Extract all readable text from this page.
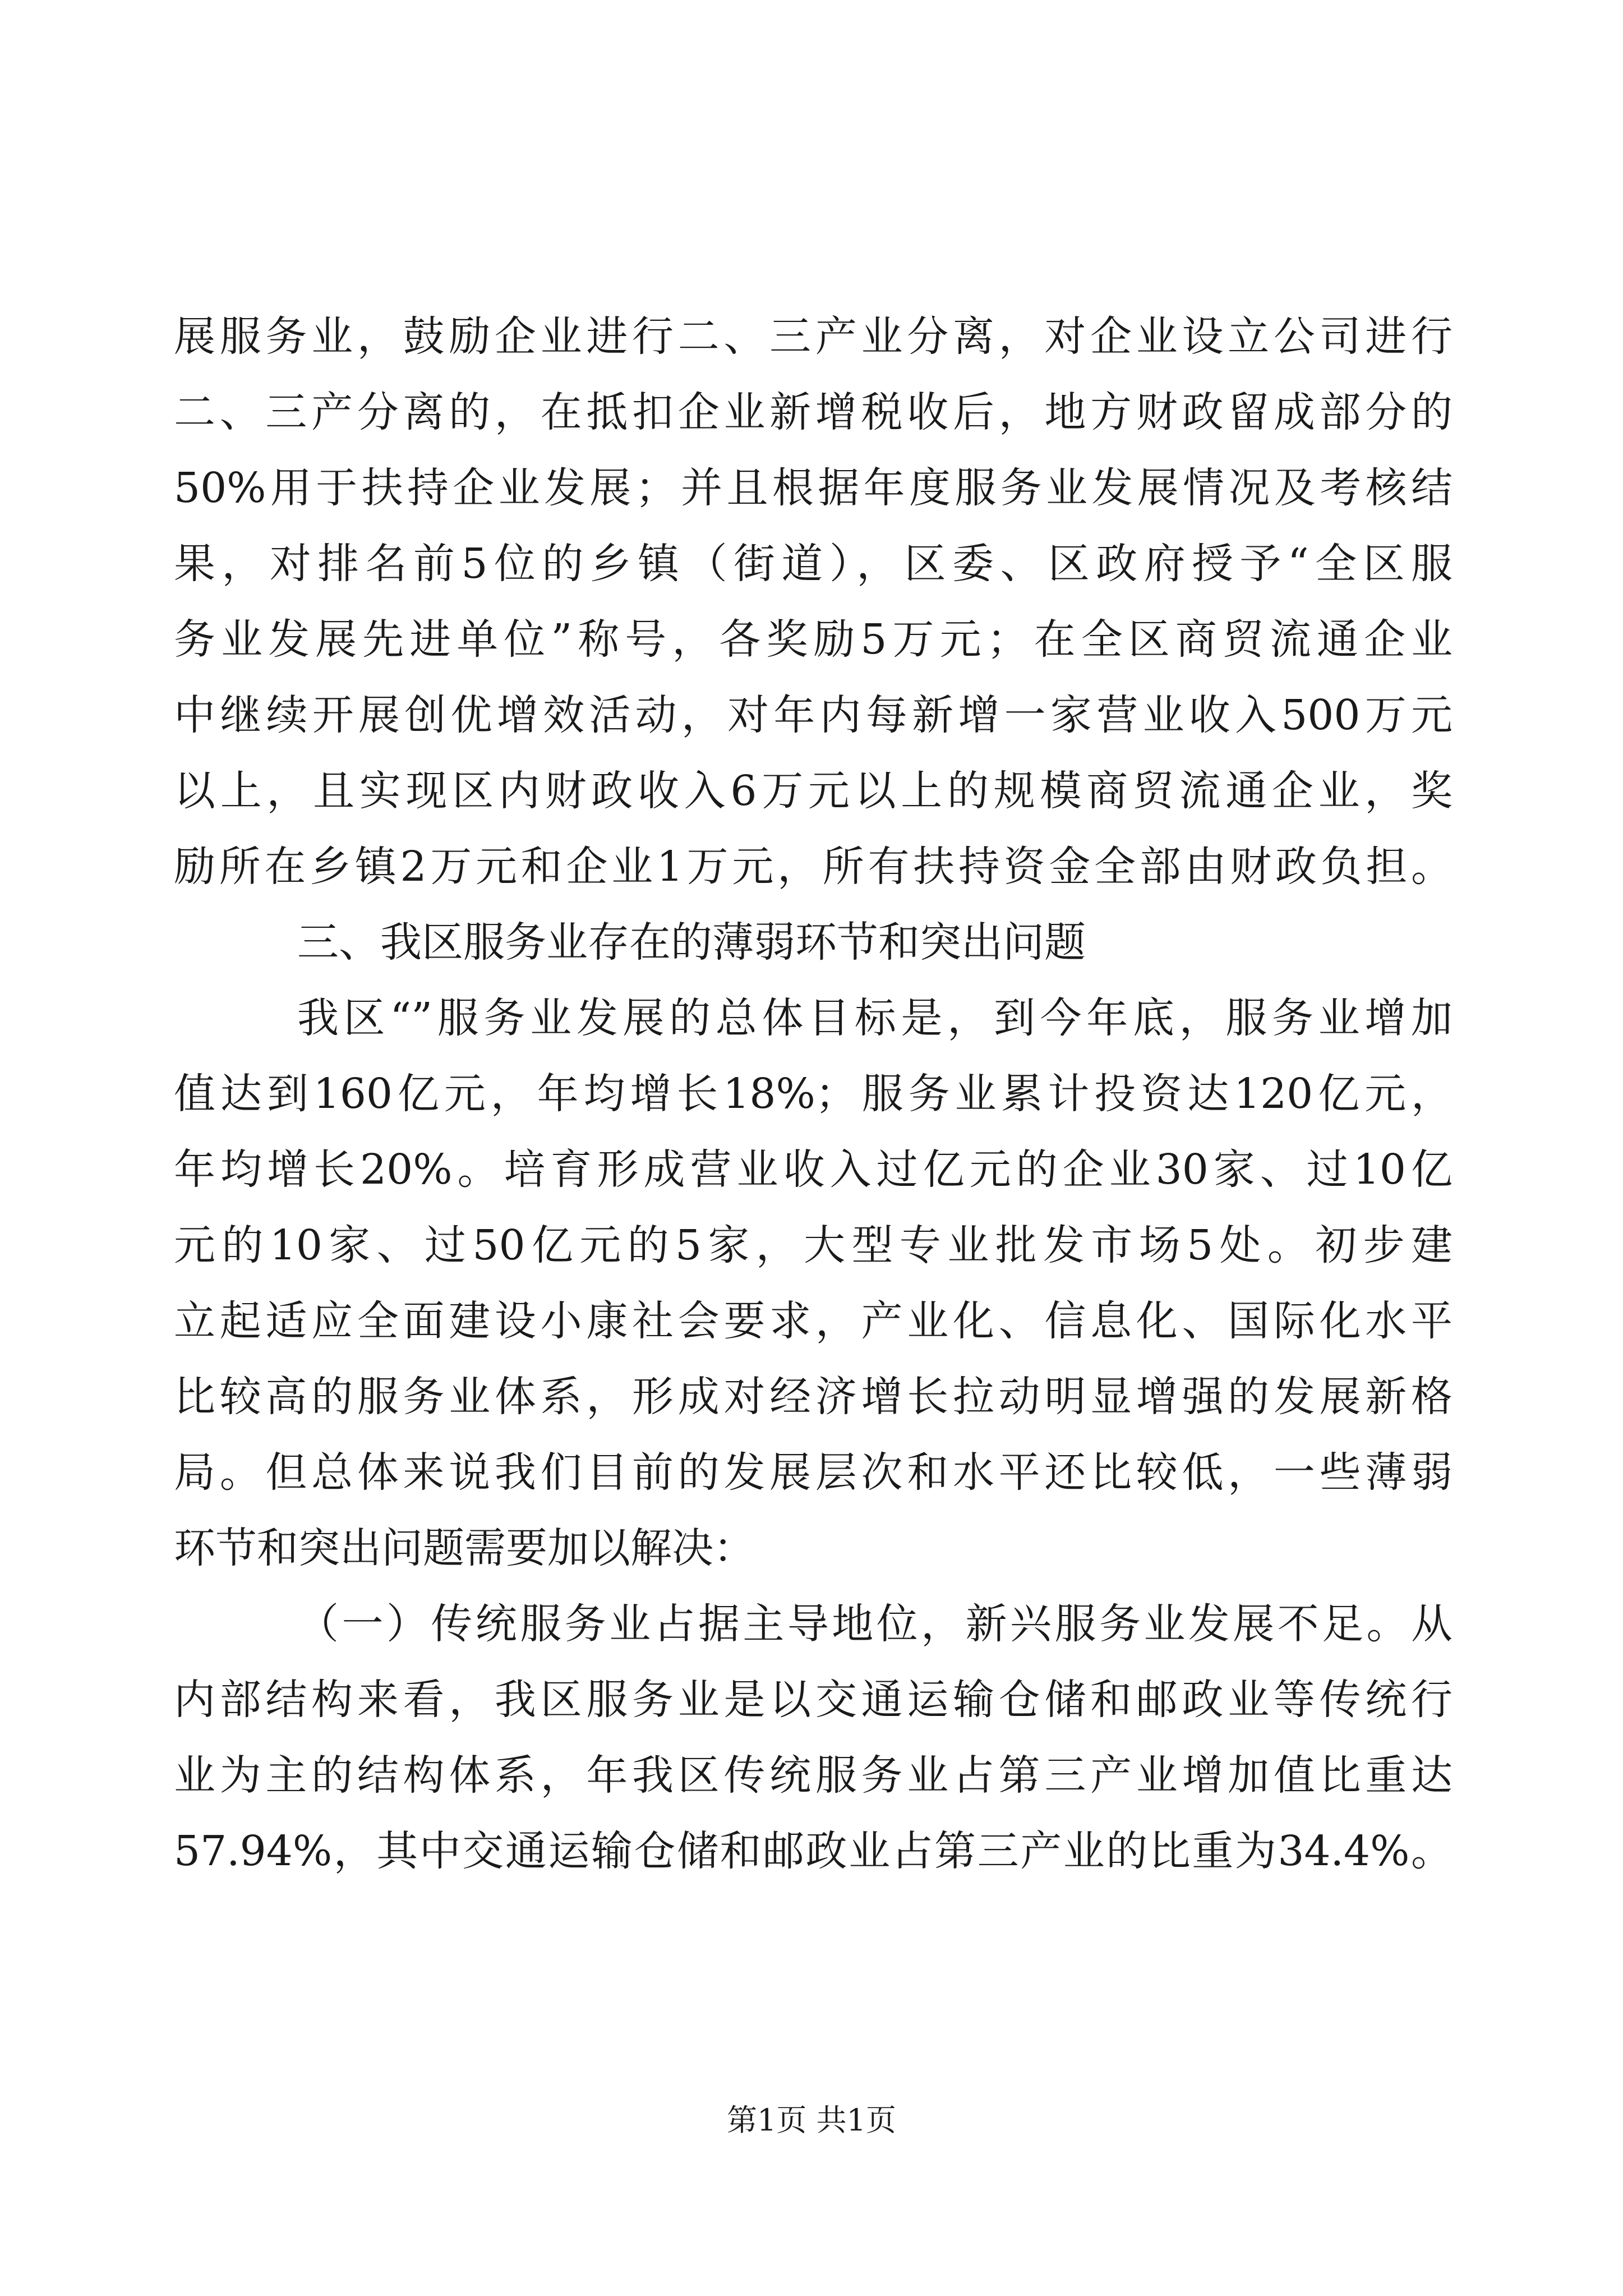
展服务业，鼓励企业进行二、三产业分离，对企业设立公司进行
二、三产分离的，在抵扣企业新增税收后，地方财政留成部分的
50%用于扶持企业发展；并且根据年度服务业发展情况及考核结
果，对排名前5位的乡镇（街道），区委、区政府授予“全区服
务业发展先进单位”称号，各奖励5万元；在全区商贸流通企业
中继续开展创优增效活动，对年内每新增一家营业收入500万元
以上，且实现区内财政收入6万元以上的规模商贸流通企业，奖
励所在乡镇2万元和企业1万元，所有扶持资金全部由财政负担。
三、我区服务业存在的薄弱环节和突出问题
我区“”服务业发展的总体目标是，到今年底，服务业增加
值达到160亿元，年均增长18%；服务业累计投资达120亿元，
年均增长20%。培育形成营业收入过亿元的企业30家、过10亿
元的10家、过50亿元的5家，大型专业批发市场5处。初步建
立起适应全面建设小康社会要求，产业化、信息化、国际化水平
比较高的服务业体系，形成对经济增长拉动明显增强的发展新格
局。但总体来说我们目前的发展层次和水平还比较低，一些薄弱
环节和突出问题需要加以解决：
（一）传统服务业占据主导地位，新兴服务业发展不足。从
内部结构来看，我区服务业是以交通运输仓储和邮政业等传统行
业为主的结构体系，年我区传统服务业占第三产业增加值比重达
57.94%，其中交通运输仓储和邮政业占第三产业的比重为34.4%。
第1页 共1页
